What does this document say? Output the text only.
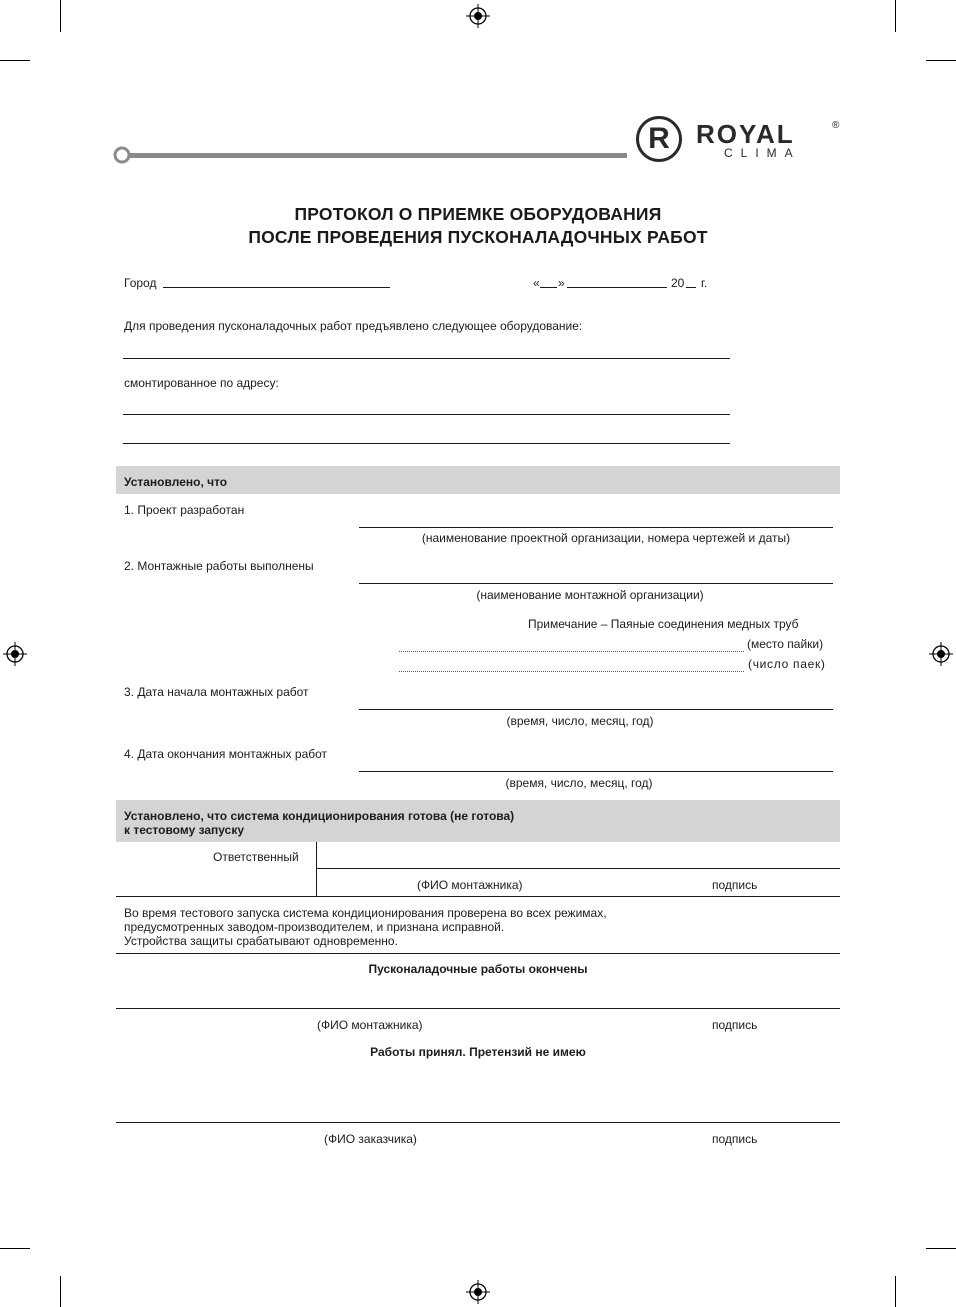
R	ROYAL	®
CLIMA
ПРОТОКОЛ О ПРИЕМКЕ ОБОРУДОВАНИЯ
ПОСЛЕ ПРОВЕДЕНИЯ ПУСКОНАЛАДОЧНЫХ РАБОТ
Город	« »	20 г.
Для проведения пусконаладочных работ предъявлено следующее оборудование:
смонтированное по адресу:
Установлено, что
1. Проект разработан
(наименование проектной организации, номера чертежей и даты)
2. Монтажные работы выполнены
(наименование монтажной организации)
Примечание – Паяные соединения медных труб
(место пайки)
(число паек)
3. Дата начала монтажных работ
(время, число, месяц, год)
4. Дата окончания монтажных работ
(время, число, месяц, год)
Установлено, что система кондиционирования готова (не готова)
к тестовому запуску
Ответственный
(ФИО монтажника)	подпись
Во время тестового запуска система кондиционирования проверена во всех режимах,
предусмотренных заводом-производителем, и признана исправной.
Устройства защиты срабатывают одновременно.
Пусконаладочные работы окончены
(ФИО монтажника)	подпись
Работы принял. Претензий не имею
(ФИО заказчика)	подпись
